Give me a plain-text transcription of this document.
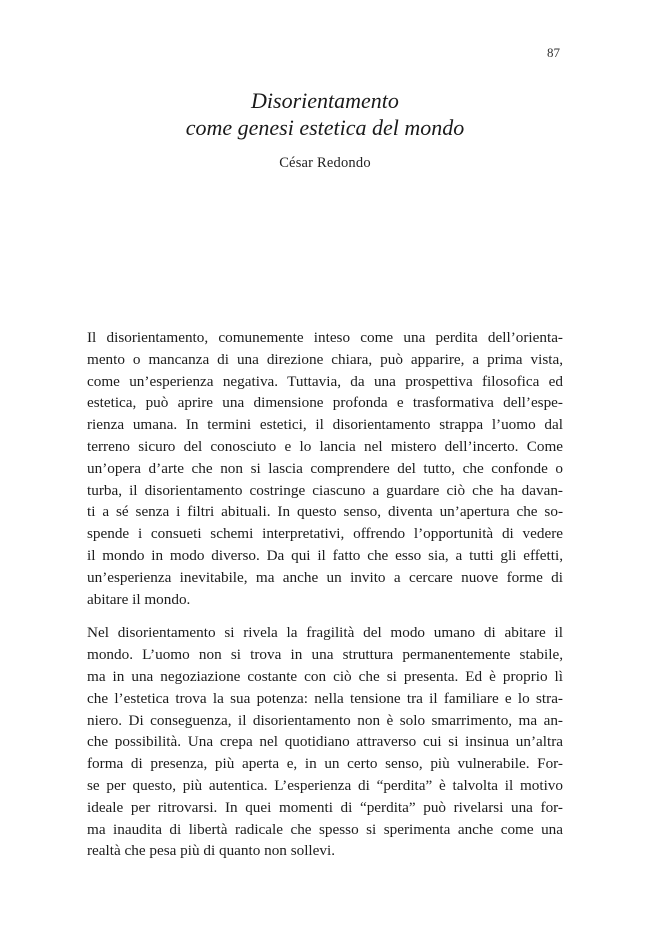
87
Disorientamento
come genesi estetica del mondo
César Redondo

Il disorientamento, comunemente inteso come una perdita dell’orienta-
mento o mancanza di una direzione chiara, può apparire, a prima vista,
come un’esperienza negativa. Tuttavia, da una prospettiva filosofica ed
estetica, può aprire una dimensione profonda e trasformativa dell’espe-
rienza umana. In termini estetici, il disorientamento strappa l’uomo dal
terreno sicuro del conosciuto e lo lancia nel mistero dell’incerto. Come
un’opera d’arte che non si lascia comprendere del tutto, che confonde o
turba, il disorientamento costringe ciascuno a guardare ciò che ha davan-
ti a sé senza i filtri abituali. In questo senso, diventa un’apertura che so-
spende i consueti schemi interpretativi, offrendo l’opportunità di vedere
il mondo in modo diverso. Da qui il fatto che esso sia, a tutti gli effetti,
un’esperienza inevitabile, ma anche un invito a cercare nuove forme di
abitare il mondo.

Nel disorientamento si rivela la fragilità del modo umano di abitare il
mondo. L’uomo non si trova in una struttura permanentemente stabile,
ma in una negoziazione costante con ciò che si presenta. Ed è proprio lì
che l’estetica trova la sua potenza: nella tensione tra il familiare e lo stra-
niero. Di conseguenza, il disorientamento non è solo smarrimento, ma an-
che possibilità. Una crepa nel quotidiano attraverso cui si insinua un’altra
forma di presenza, più aperta e, in un certo senso, più vulnerabile. For-
se per questo, più autentica. L’esperienza di “perdita” è talvolta il motivo
ideale per ritrovarsi. In quei momenti di “perdita” può rivelarsi una for-
ma inaudita di libertà radicale che spesso si sperimenta anche come una
realtà che pesa più di quanto non sollevi.
